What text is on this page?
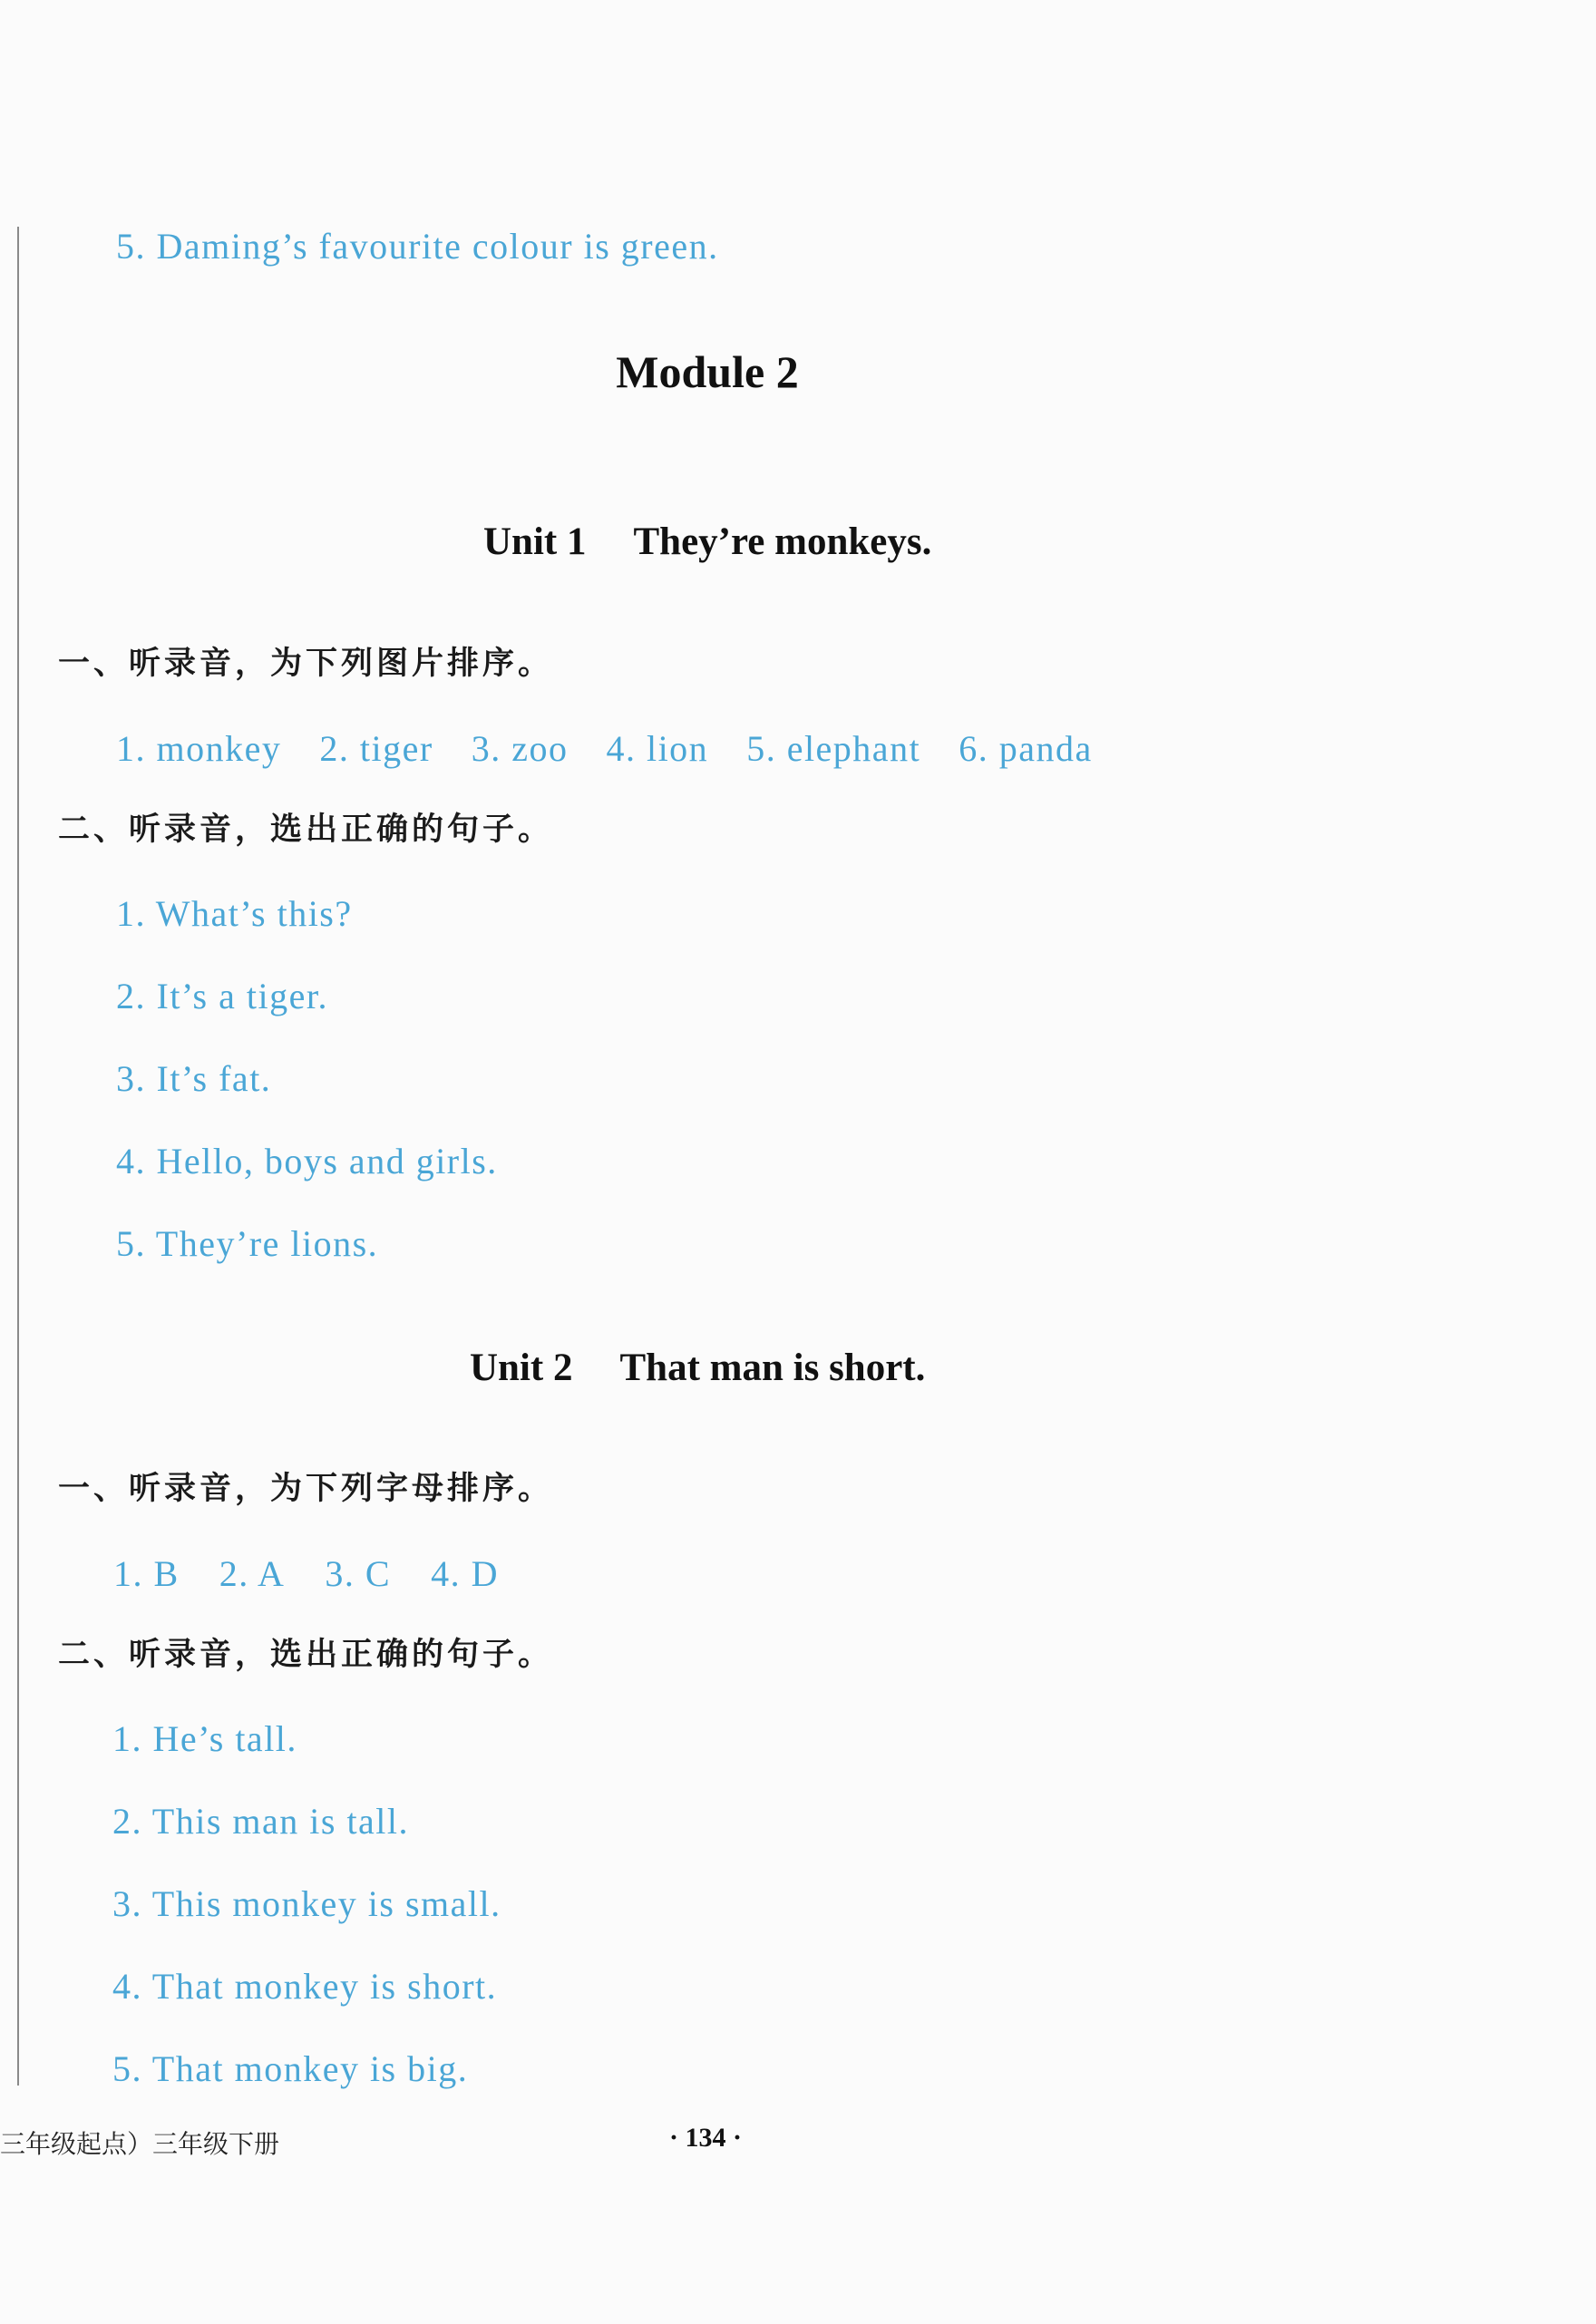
5. Daming’s favourite colour is green.
Module 2
Unit 1 They’re monkeys.
一、听录音，为下列图片排序。
1. monkey 2. tiger 3. zoo 4. lion 5. elephant 6. panda
二、听录音，选出正确的句子。
1. What’s this?
2. It’s a tiger.
3. It’s fat.
4. Hello, boys and girls.
5. They’re lions.
Unit 2 That man is short.
一、听录音，为下列字母排序。
1. B 2. A 3. C 4. D
二、听录音，选出正确的句子。
1. He’s tall.
2. This man is tall.
3. This monkey is small.
4. That monkey is short.
5. That monkey is big.
三年级起点）三年级下册	· 134 ·
